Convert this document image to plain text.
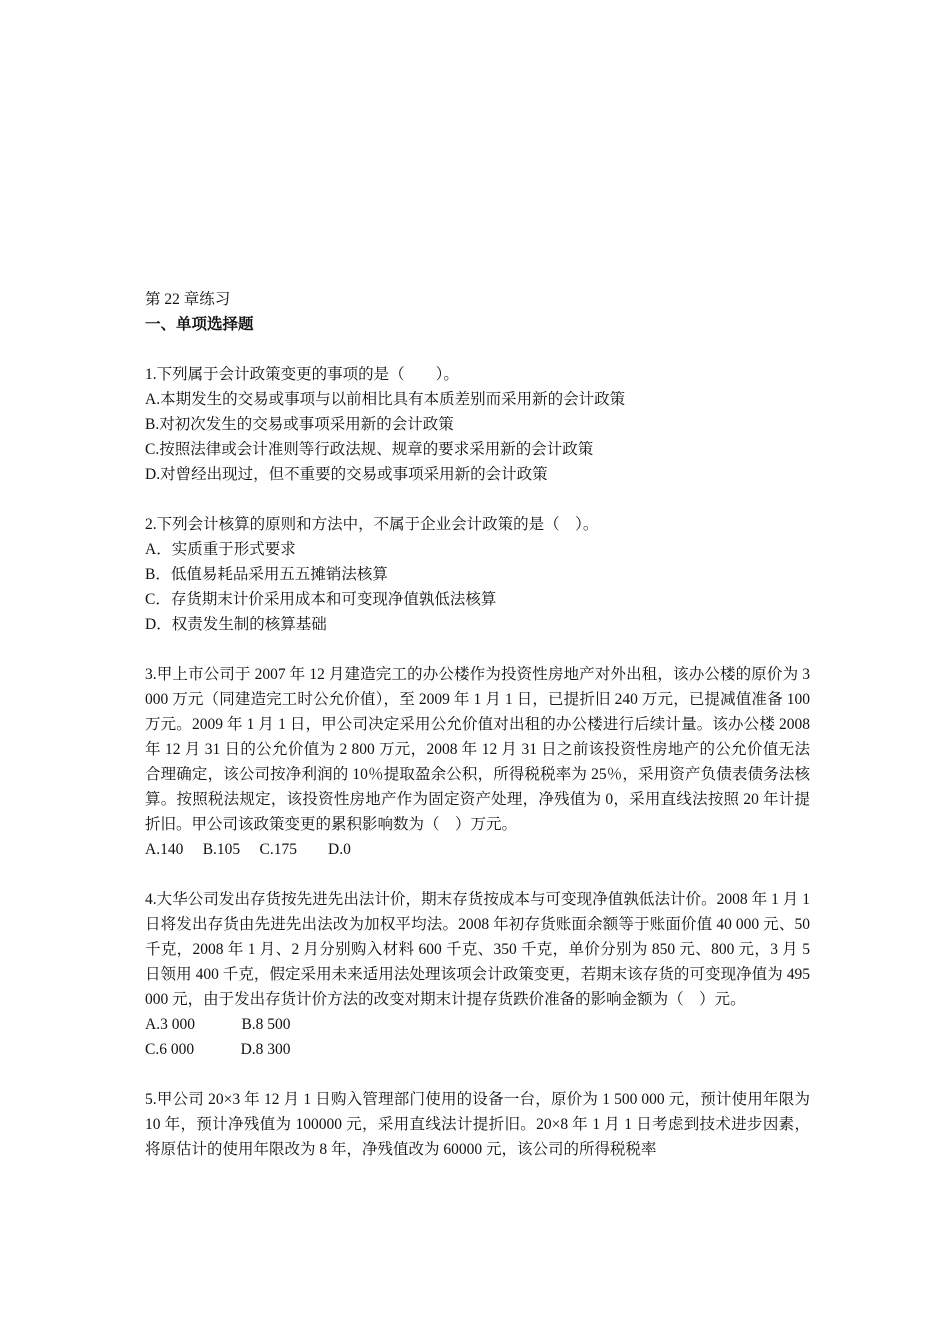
第 22 章练习

一、单项选择题

1.下列属于会计政策变更的事项的是（　　）。

A.本期发生的交易或事项与以前相比具有本质差别而采用新的会计政策

B.对初次发生的交易或事项采用新的会计政策

C.按照法律或会计准则等行政法规、规章的要求采用新的会计政策

D.对曾经出现过，但不重要的交易或事项采用新的会计政策

2.下列会计核算的原则和方法中，不属于企业会计政策的是（　）。

A．实质重于形式要求

B．低值易耗品采用五五摊销法核算

C．存货期末计价采用成本和可变现净值孰低法核算

D．权责发生制的核算基础

3.甲上市公司于 2007 年 12 月建造完工的办公楼作为投资性房地产对外出租，该办公楼的原价为 3 000 万元（同建造完工时公允价值），至 2009 年 1 月 1 日，已提折旧 240 万元，已提减值准备 100 万元。2009 年 1 月 1 日，甲公司决定采用公允价值对出租的办公楼进行后续计量。该办公楼 2008 年 12 月 31 日的公允价值为 2 800 万元，2008 年 12 月 31 日之前该投资性房地产的公允价值无法合理确定，该公司按净利润的 10％提取盈余公积，所得税税率为 25％，采用资产负债表债务法核算。按照税法规定，该投资性房地产作为固定资产处理，净残值为 0，采用直线法按照 20 年计提折旧。甲公司该政策变更的累积影响数为（　）万元。

A.140　 B.105　 C.175　　D.0

4.大华公司发出存货按先进先出法计价，期末存货按成本与可变现净值孰低法计价。2008 年 1 月 1 日将发出存货由先进先出法改为加权平均法。2008 年初存货账面余额等于账面价值 40 000 元、50 千克，2008 年 1 月、2 月分别购入材料 600 千克、350 千克，单价分别为 850 元、800 元，3 月 5 日领用 400 千克，假定采用未来适用法处理该项会计政策变更，若期末该存货的可变现净值为 495 000 元，由于发出存货计价方法的改变对期末计提存货跌价准备的影响金额为（　）元。

A.3 000　　　B.8 500

C.6 000　　　D.8 300

5.甲公司 20×3 年 12 月 1 日购入管理部门使用的设备一台，原价为 1 500 000 元，预计使用年限为 10 年，预计净残值为 100000 元，采用直线法计提折旧。20×8 年 1 月 1 日考虑到技术进步因素，将原估计的使用年限改为 8 年，净残值改为 60000 元，该公司的所得税税率
